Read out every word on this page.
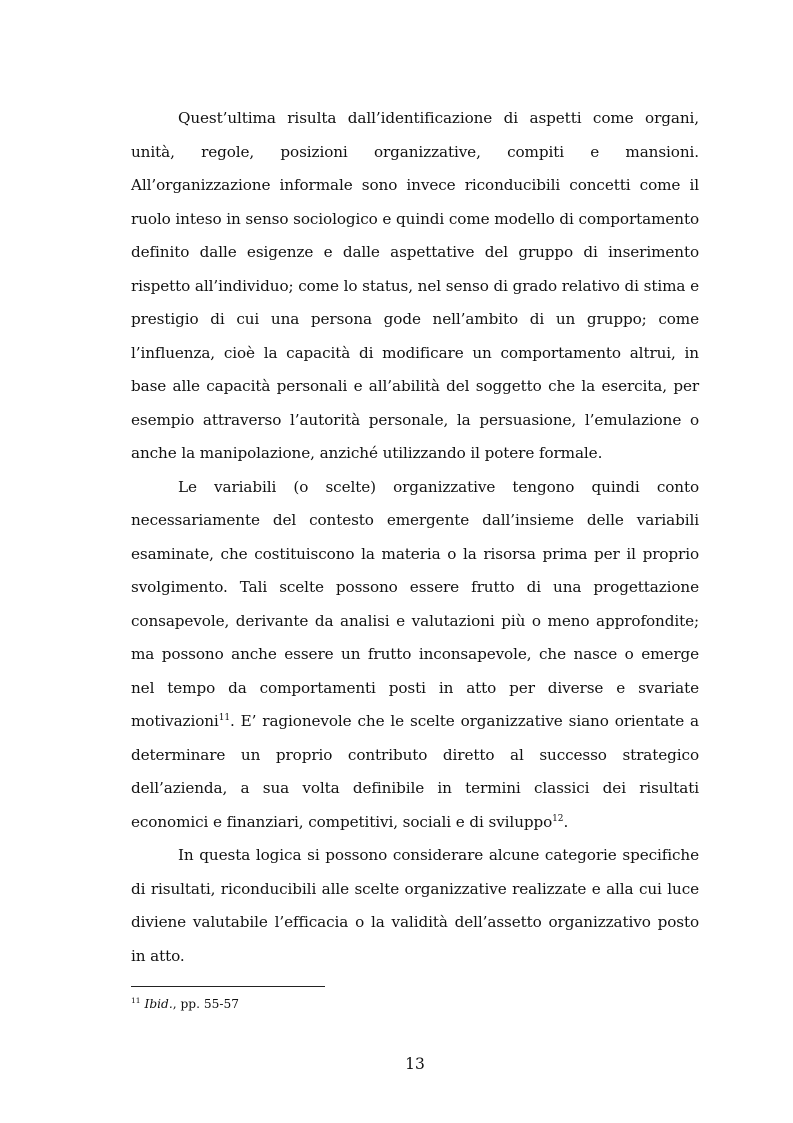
Quest’ultima risulta dall’identificazione di aspetti come organi, unità, regole, posizioni organizzative, compiti e mansioni. All’organizzazione informale sono invece riconducibili concetti come il ruolo inteso in senso sociologico e quindi come modello di comportamento definito dalle esigenze e dalle aspettative del gruppo di inserimento rispetto all’individuo; come lo status, nel senso di grado relativo di stima e prestigio di cui una persona gode nell’ambito di un gruppo; come l’influenza, cioè la capacità di modificare un comportamento altrui, in base alle capacità personali e all’abilità del soggetto che la esercita, per esempio attraverso l’autorità personale, la persuasione, l’emulazione o anche la manipolazione, anziché utilizzando il potere formale.

Le variabili (o scelte) organizzative tengono quindi conto necessariamente del contesto emergente dall’insieme delle variabili esaminate, che costituiscono la materia o la risorsa prima per il proprio svolgimento. Tali scelte possono essere frutto di una progettazione consapevole, derivante da analisi e valutazioni più o meno approfondite; ma possono anche essere un frutto inconsapevole, che nasce o emerge nel tempo da comportamenti posti in atto per diverse e svariate motivazioni$^{11}$. E’ ragionevole che le scelte organizzative siano orientate a determinare un proprio contributo diretto al successo strategico dell’azienda, a sua volta definibile in termini classici dei risultati economici e finanziari, competitivi, sociali e di sviluppo$^{12}$.

In questa logica si possono considerare alcune categorie specifiche di risultati, riconducibili alle scelte organizzative realizzate e alla cui luce diviene valutabile l’efficacia o la validità dell’assetto organizzativo posto in atto.

$^{11}$ Ibid., pp. 55-57

13
